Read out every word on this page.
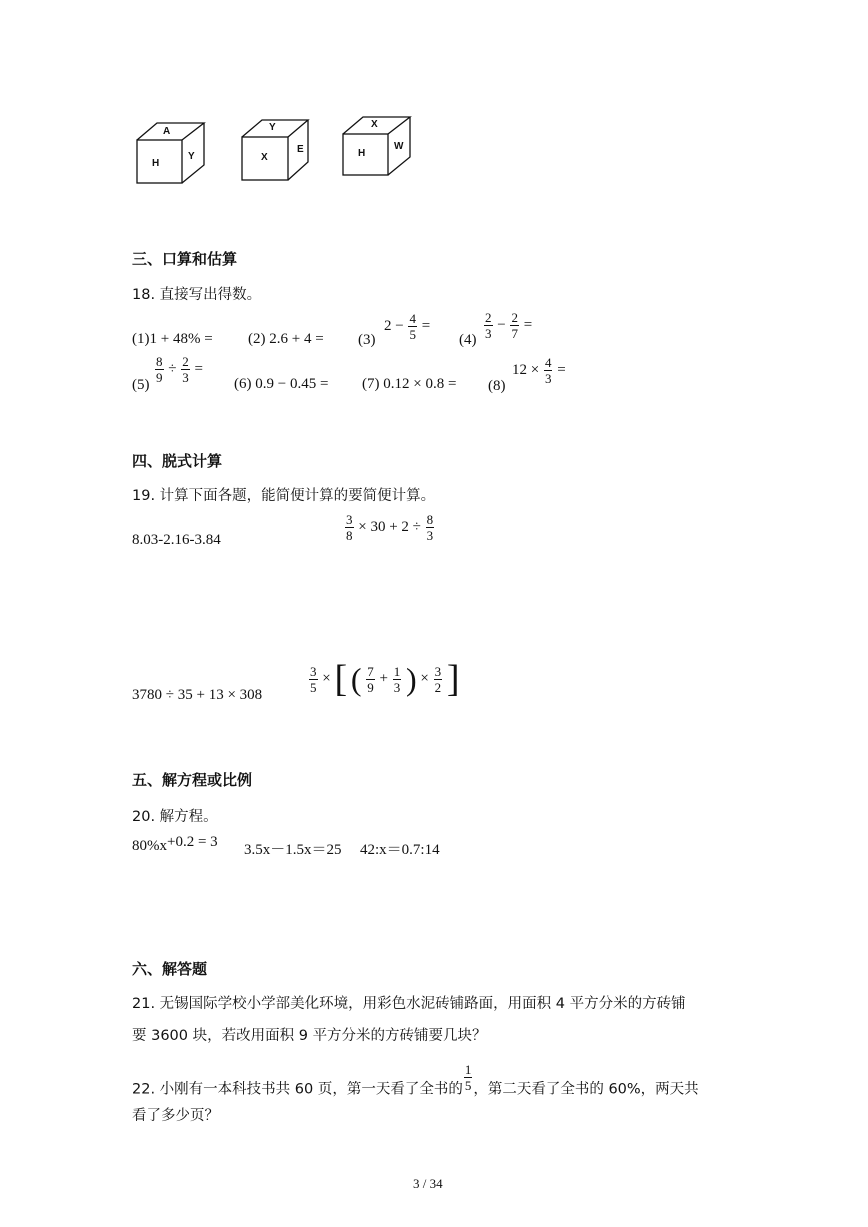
A
H
Y
Y
X
E
X
H
W
三、口算和估算
18. 直接写出得数。
(1)1 + 48% = (2) 2.6 + 4 = (3)
$2 - \frac{4}{5}$ =
$(4) \frac{2}{3} - \frac{2}{7}$ =
$(5) \frac{8}{9} \div \frac{2}{3}$ =
(6) 0.9 − 0.45 = (7) 0.12 × 0.8 = (8)
$12 \times \frac{4}{3}$ =
四、脱式计算
19. 计算下面各题，能简便计算的要简便计算。
8.03-2.16-3.84	$\frac{3}{8} \times 30 + 2 \div \frac{8}{3}$
3780 ÷ 35 + 13 × 308
$\frac{3}{5}$ × [ ( $\frac{7}{9} + \frac{1}{3}$ ) × $\frac{3}{2}$ ]
五、解方程或比例
20. 解方程。
80%x+0.2 = 3 3.5x－1.5x＝25 42:x＝0.7:14
六、解答题
21. 无锡国际学校小学部美化环境，用彩色水泥砖铺路面，用面积 4 平方分米的方砖铺
要 3600 块，若改用面积 9 平方分米的方砖铺要几块？
22. 小刚有一本科技书共 60 页，第一天看了全书的 $\frac{1}{5}$ ，第二天看了全书的 60%，两天共
看了多少页？
3 / 34
